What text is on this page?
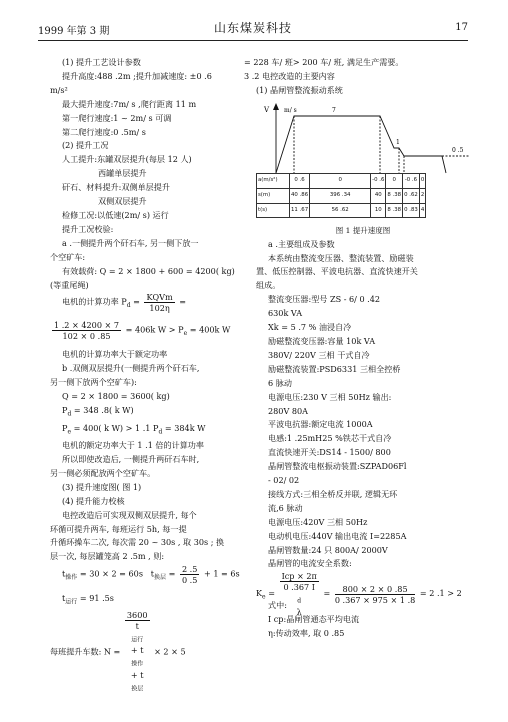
1999 年第 3 期	山东煤炭科技	17
(1) 提升工艺设计参数
提升高度:488 .2m ;提升加减速度: ±0 .6
m/s²
最大提升速度:7m/ s ,爬行距离 11 m
第一爬行速度:1 ~ 2m/ s 可调
第二爬行速度:0 .5m/ s
(2) 提升工况
人工提升:东罐双层提升(每层 12 人)
西罐单层提升
矸石、材料提升:双侧单层提升
双侧双层提升
检修工况:以低速(2m/ s) 运行
提升工况校验:
a .一侧提升两个矸石车, 另一侧下放一
个空矿车:
有效载荷: Q = 2 × 1800 + 600 = 4200( kg)
(等重尾绳)
电机的计算功率 $P_d = \frac{\text{KQVm}}{102\eta}$ =
$\frac{1 .2 \times 4200 \times 7}{102 \times 0 .85} = 406k$ $W > P_e = 400k$ W
电机的计算功率大于额定功率
b .双侧双层提升(一侧提升两个矸石车,
另一侧下放两个空矿车):
Q = 2 × 1800 = 3600( kg)
$P_d = 348$ .8( k W)
$P_e = 400$( k W) > 1 .1 $P_d = 384k$ W
电机的额定功率大于 1 .1 倍的计算功率
所以即使改造后, 一侧提升两矸石车时,
另一侧必须配放两个空矿车。
(3) 提升速度图( 图 1)
(4) 提升能力校核
电控改造后可实现双侧双层提升, 每个
环循可提升两车, 每班运行 5h, 每一提
升循环操车二次, 每次需 20 ~ 30s , 取 30s ; 换
层一次, 每层罐笼高 2 .5m , 则:
$t_{操作} = 30 \times 2 = 60s$ $t_{换层} = \frac{2 .5}{0 .5} + 1 = 6s$
$t_{运行} = 91$ .5s
每班提升车数: N = 3600
t
$_{运行}$
+ t
$_{操作}$
+ t
$_{换层}$ × 2 × 5
= 228 车/ 班> 200 车/ 班, 满足生产需要。
3 .2 电控改造的主要内容
(1) 晶闸管整流振动系统
V m/ s	7
1
0 .5
a(m/s²)	0 .6	0	-0 .6	0	-0 .6	0
s(m)	40 .86	396 .34	40	8 .38	0 .62	2
t(s)	11 .67	56 .62	10	8 .38	0 .83	4
图 1 提升速度图
a .主要组成及参数
本系统由整流变压器、整流装置、励磁装
置、低压控制器、平波电抗器、直流快速开关
组成。
整流变压器:型号 ZS - 6/ 0 .42
630k VA
Xk = 5 .7 % 油浸自冷
励磁整流变压器:容量 10k VA
380V/ 220V 三相 干式自冷
励磁整流装置:PSD6331 三相全控桥
6 脉动
电源电压:230 V 三相 50Hz 输出:
280V 80A
平波电抗器:额定电流 1000A
电感:1 .25mH25 %铁芯干式自冷
直流快速开关:DS14 - 1500/ 800
晶闸管整流电枢振动装置:SZPAD06Fl
- 02/ 02
接线方式:三相全桥反并联, 逻辑无环
流,6 脉动
电源电压:420V 三相 50Hz
电动机电压:440V 输出电流 I=2285A
晶闸管数量:24 只 800A/ 2000V
晶闸管的电流安全系数:
$K_e$ = Icp × 2π
0 .367 I
$_d$
$\lambda = \frac{800 \times 2 \times 0 .85}{0 .367 \times 975 \times 1 .8} = 2$ .1 > 2
式中:
I cp:晶闸管通态平均电流
η:传动效率, 取 0 .85
